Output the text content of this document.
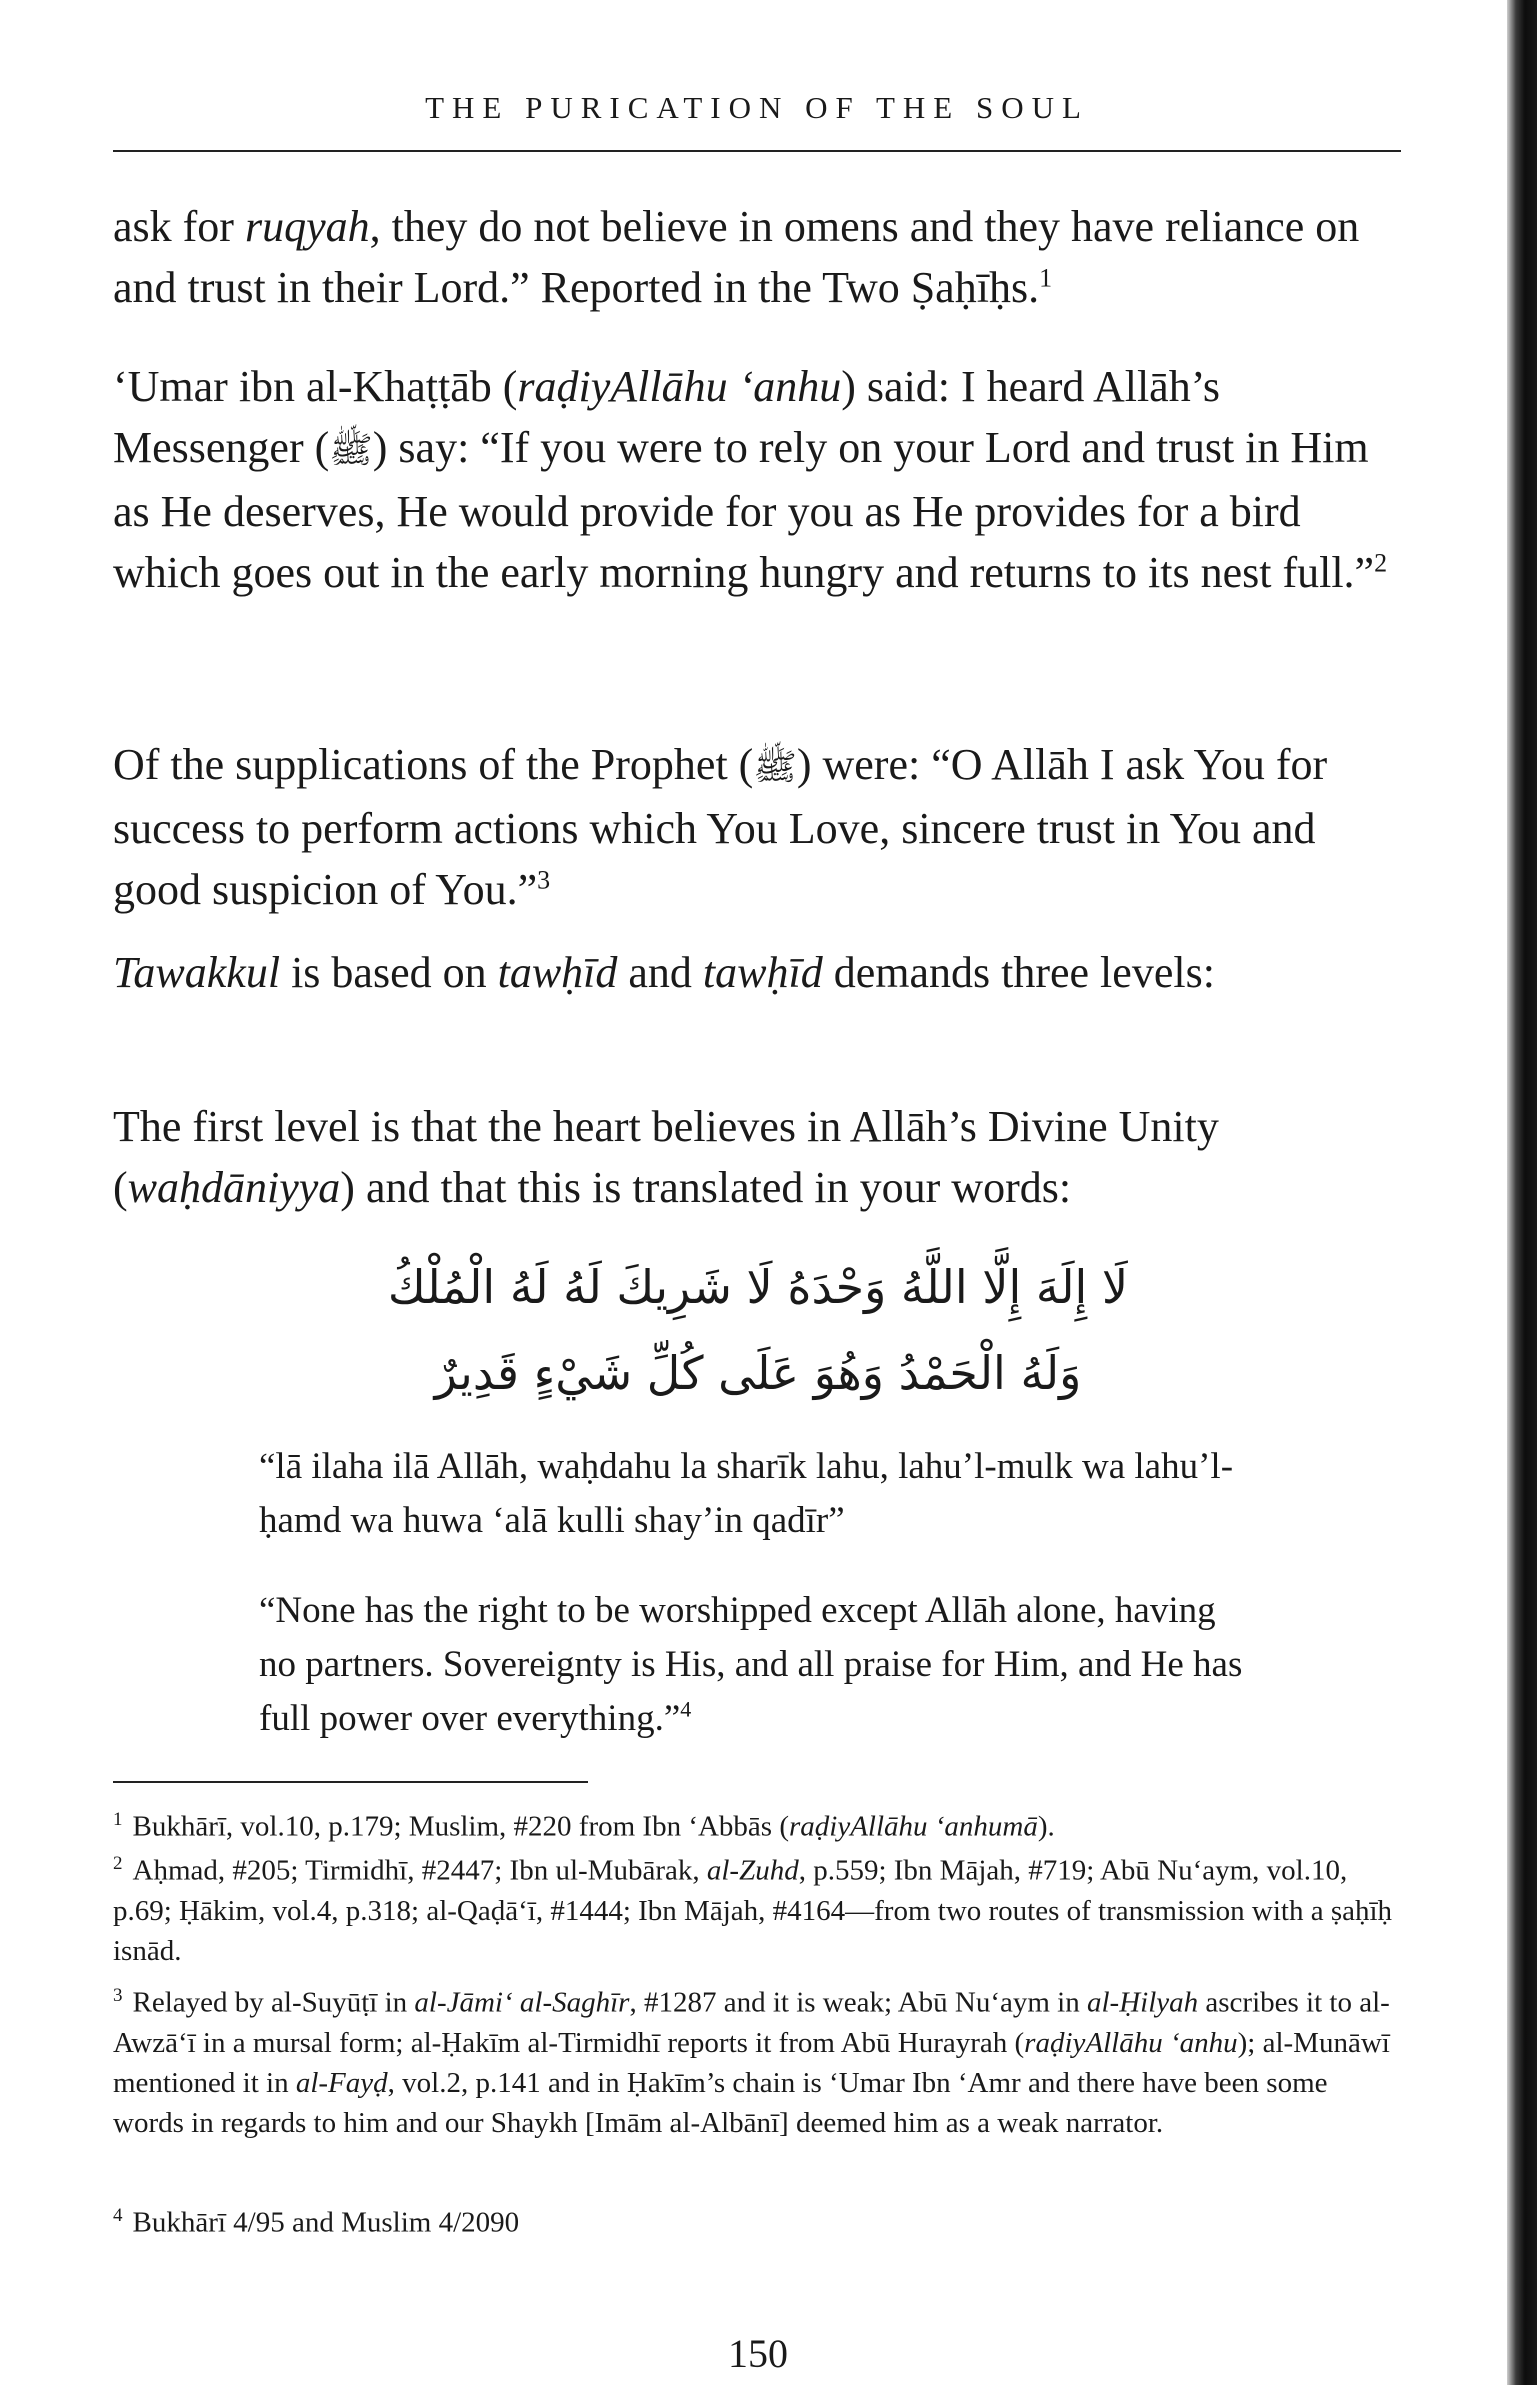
THE PURICATION OF THE SOUL

ask for ruqyah, they do not believe in omens and they have reliance on and trust in their Lord.” Reported in the Two Ṣaḥīḥs.$^1$

‘Umar ibn al-Khaṭṭāb (raḍiyAllāhu ‘anhu) said: I heard Allāh’s Messenger (ﷺ) say: “If you were to rely on your Lord and trust in Him as He deserves, He would provide for you as He provides for a bird which goes out in the early morning hungry and returns to its nest full.”$^2$

Of the supplications of the Prophet (ﷺ) were: “O Allāh I ask You for success to perform actions which You Love, sincere trust in You and good suspicion of You.”$^3$

Tawakkul is based on tawḥīd and tawḥīd demands three levels:

The first level is that the heart believes in Allāh’s Divine Unity (waḥdāniyya) and that this is translated in your words:

لَا إِلَهَ إِلَّا اللَّهُ وَحْدَهُ لَا شَرِيكَ لَهُ لَهُ الْمُلْكُ
وَلَهُ الْحَمْدُ وَهُوَ عَلَى كُلِّ شَيْءٍ قَدِيرٌ

“lā ilaha ilā Allāh, waḥdahu la sharīk lahu, lahu’l-mulk wa lahu’l-ḥamd wa huwa ‘alā kulli shay’in qadīr”

“None has the right to be worshipped except Allāh alone, having no partners. Sovereignty is His, and all praise for Him, and He has full power over everything.”$^4$

$^1$ Bukhārī, vol.10, p.179; Muslim, #220 from Ibn ‘Abbās (raḍiyAllāhu ‘anhumā).

$^2$ Aḥmad, #205; Tirmidhī, #2447; Ibn ul-Mubārak, al-Zuhd, p.559; Ibn Mājah, #719; Abū Nu‘aym, vol.10, p.69; Ḥākim, vol.4, p.318; al-Qaḍā‘ī, #1444; Ibn Mājah, #4164—from two routes of transmission with a ṣaḥīḥ isnād.

$^3$ Relayed by al-Suyūṭī in al-Jāmi‘ al-Saghīr, #1287 and it is weak; Abū Nu‘aym in al-Ḥilyah ascribes it to al-Awzā‘ī in a mursal form; al-Ḥakīm al-Tirmidhī reports it from Abū Hurayrah (raḍiyAllāhu ‘anhu); al-Munāwī mentioned it in al-Fayḍ, vol.2, p.141 and in Ḥakīm’s chain is ‘Umar Ibn ‘Amr and there have been some words in regards to him and our Shaykh [Imām al-Albānī] deemed him as a weak narrator.

$^4$ Bukhārī 4/95 and Muslim 4/2090

150
